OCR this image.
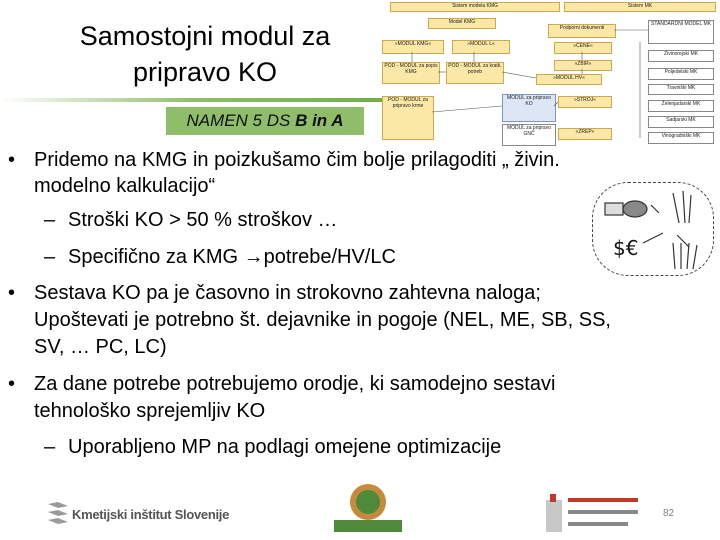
Samostojni modul za
pripravo KO
NAMEN 5 DS B in A
Sistem modela KMG	Sistem MK
Model KMG
Podporni dokumenti
STANDARDNI MODEL MK
»MODUL KMG«	»MODUL L«	»CENE«
Živinorejski MK
POD - MODUL za popis KMG
POD - MODUL za kratk. potreb
»ZBIR«
»MODUL HV«
Poljedelski MK
Travniški MK
POD - MODUL za pripravo krme
MODUL za pripravo KO
»STROJ«
Zelenjadarski MK
MODUL za pripravo GNČ	»ZREP«
Sadjarski MK
Vinogradniški MK
$€
• Pridemo na KMG in poizkušamo čim bolje prilagoditi „ živin.
modelno kalkulacijo“
– Stroški KO > 50 % stroškov …
– Specifično za KMG →potrebe/HV/LC
• Sestava KO pa je časovno in strokovno zahtevna naloga;
Upoštevati je potrebno št. dejavnike in pogoje (NEL, ME, SB, SS,
SV, … PC, LC)
• Za dane potrebe potrebujemo orodje, ki samodejno sestavi
tehnološko sprejemljiv KO
– Uporabljeno MP na podlagi omejene optimizacije
Kmetijski inštitut Slovenije	82
